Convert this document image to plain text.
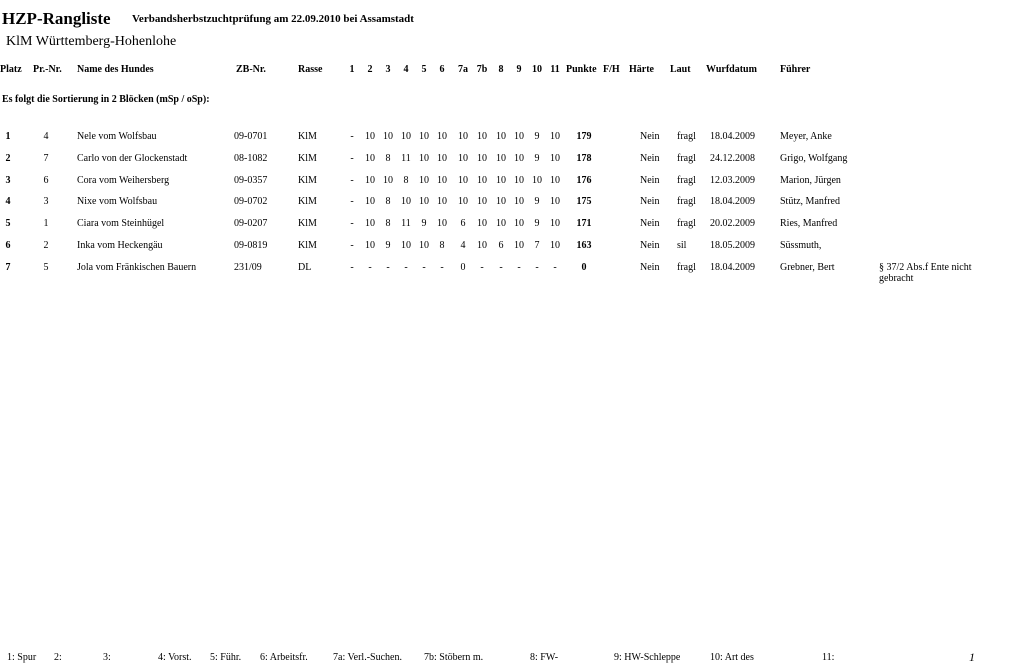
HZP-Rangliste Verbandsherbstzuchtprüfung am 22.09.2010 bei Assamstadt
KlM Württemberg-Hohenlohe
Platz Pr.-Nr. Name des Hundes	ZB-Nr.	Rasse	1 2 3 4 5 6 7a 7b 8 9 10 11 Punkte F/H Härte Laut Wurfdatum Führer
Es folgt die Sortierung in 2 Blöcken (mSp / oSp):
1	4	Nele vom Wolfsbau	09-0701	KlM	- 10 10 10 10 10 10 10 10 10 9 10 179	Nein fragl 18.04.2009	Meyer, Anke
2	7	Carlo von der Glockenstadt	08-1082	KlM	- 10 8 11 10 10 10 10 10 10 9 10 178	Nein fragl 24.12.2008	Grigo, Wolfgang
3	6	Cora vom Weihersberg	09-0357	KlM	- 10 10 8 10 10 10 10 10 10 10 10 176	Nein fragl 12.03.2009	Marion, Jürgen
4	3	Nixe vom Wolfsbau	09-0702	KlM	- 10 8 10 10 10 10 10 10 10 9 10 175	Nein fragl 18.04.2009	Stütz, Manfred
5	1	Ciara vom Steinhügel	09-0207	KlM	- 10 8 11 9 10 6 10 10 10 9 10 171	Nein fragl 20.02.2009	Ries, Manfred
6	2	Inka vom Heckengäu	09-0819	KlM	- 10 9 10 10 8 4 10 6 10 7 10 163	Nein sil 18.05.2009	Süssmuth,
7	5	Jola vom Fränkischen Bauern	231/09	DL	- - - - - - 0 - - - - - 0	Nein fragl 18.04.2009	Grebner, Bert	§ 37/2 Abs.f Ente nicht gebracht
1: Spur 2:	3:	4: Vorst. 5: Führ. 6: Arbeitsfr.	7a: Verl.-Suchen. 7b: Stöbern m.	8: FW-	9: HW-Schleppe	10: Art des	11:	1
